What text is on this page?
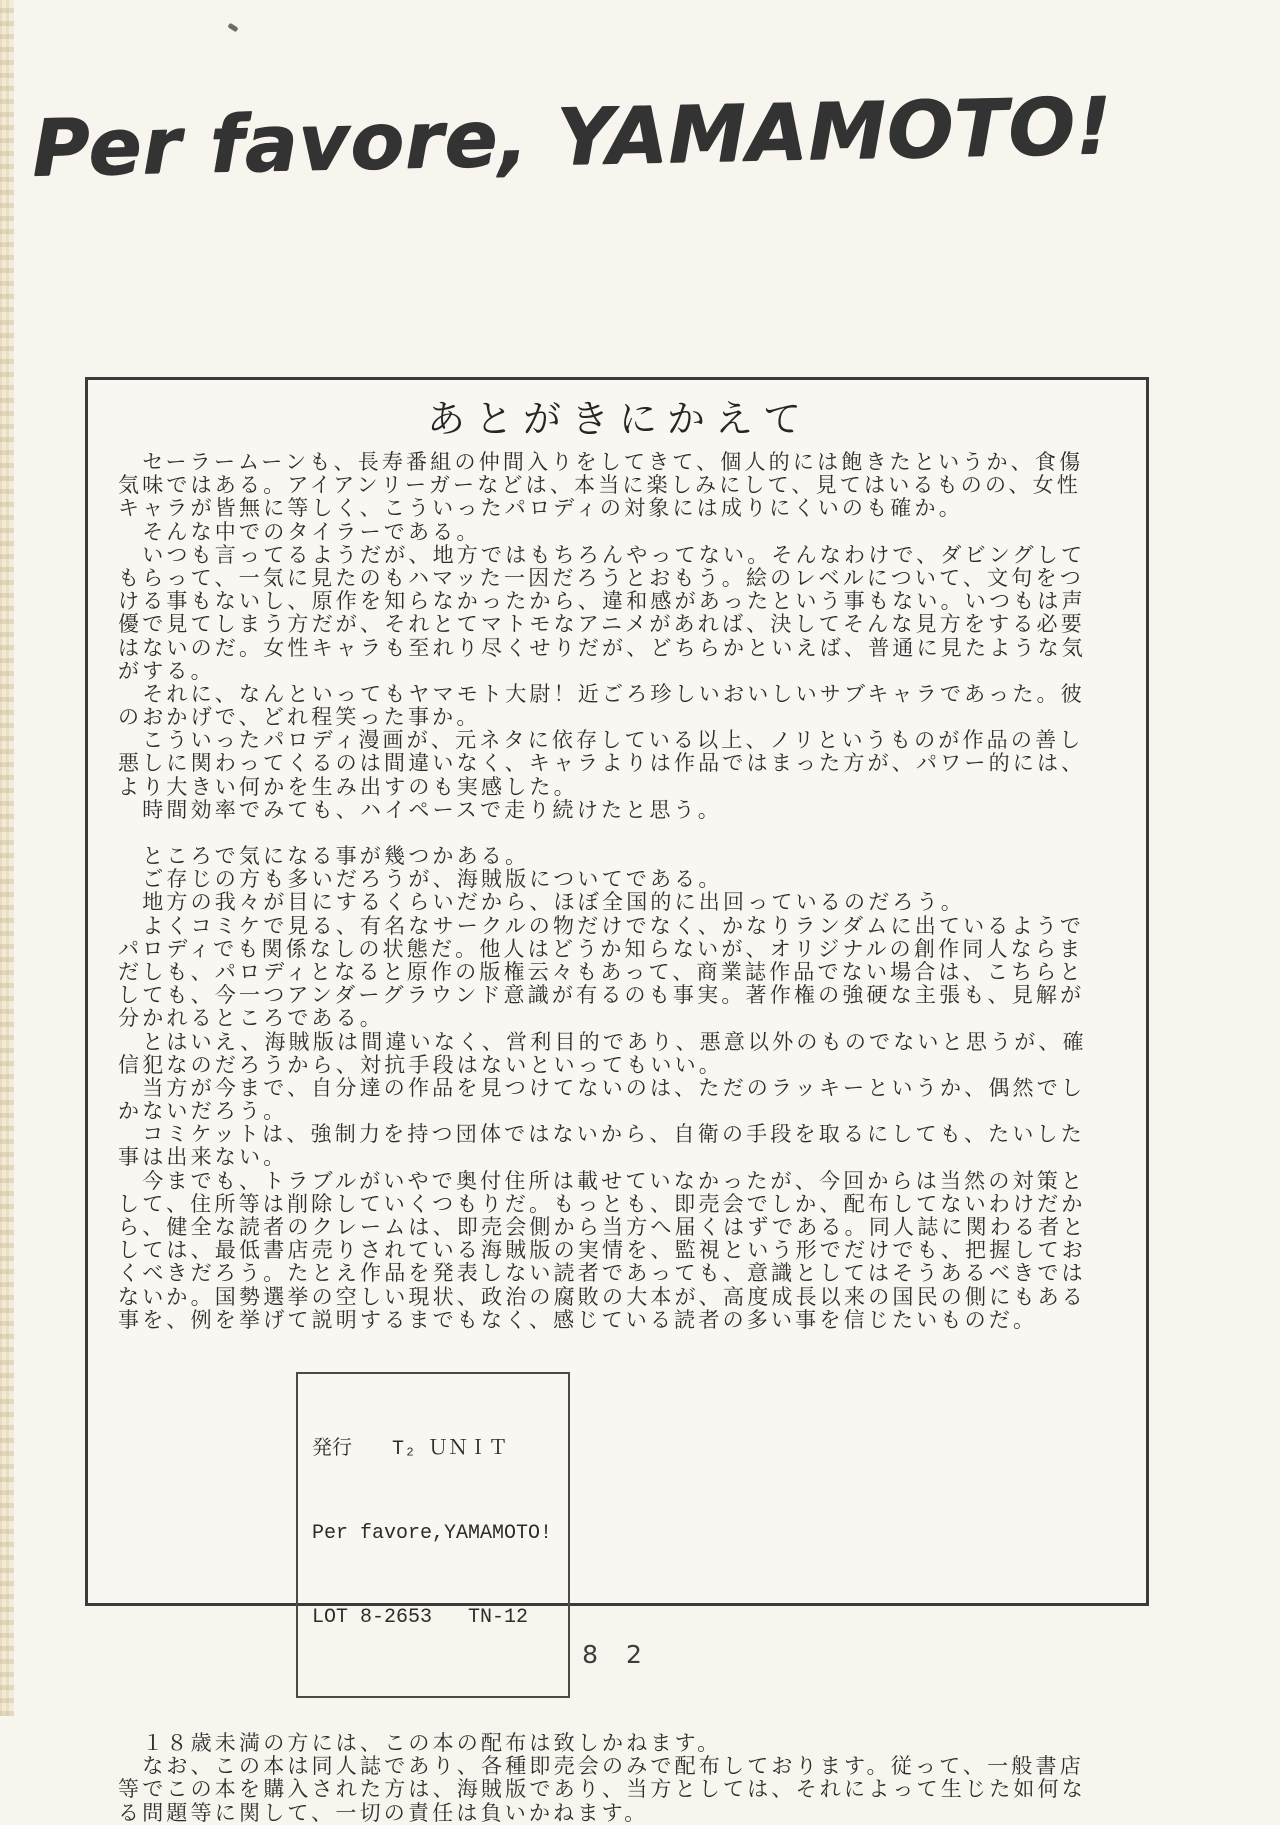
Per favore, YAMAMOTO!
あとがきにかえて
　セーラームーンも、長寿番組の仲間入りをしてきて、個人的には飽きたというか、食傷
気味ではある。アイアンリーガーなどは、本当に楽しみにして、見てはいるものの、女性
キャラが皆無に等しく、こういったパロディの対象には成りにくいのも確か。
　そんな中でのタイラーである。
　いつも言ってるようだが、地方ではもちろんやってない。そんなわけで、ダビングして
もらって、一気に見たのもハマッた一因だろうとおもう。絵のレベルについて、文句をつ
ける事もないし、原作を知らなかったから、違和感があったという事もない。いつもは声
優で見てしまう方だが、それとてマトモなアニメがあれば、決してそんな見方をする必要
はないのだ。女性キャラも至れり尽くせりだが、どちらかといえば、普通に見たような気
がする。
　それに、なんといってもヤマモト大尉！近ごろ珍しいおいしいサブキャラであった。彼
のおかげで、どれ程笑った事か。
　こういったパロディ漫画が、元ネタに依存している以上、ノリというものが作品の善し
悪しに関わってくるのは間違いなく、キャラよりは作品ではまった方が、パワー的には、
より大きい何かを生み出すのも実感した。
　時間効率でみても、ハイペースで走り続けたと思う。
　ところで気になる事が幾つかある。
　ご存じの方も多いだろうが、海賊版についてである。
　地方の我々が目にするくらいだから、ほぼ全国的に出回っているのだろう。
　よくコミケで見る、有名なサークルの物だけでなく、かなりランダムに出ているようで
パロディでも関係なしの状態だ。他人はどうか知らないが、オリジナルの創作同人ならま
だしも、パロディとなると原作の版権云々もあって、商業誌作品でない場合は、こちらと
しても、今一つアンダーグラウンド意識が有るのも事実。著作権の強硬な主張も、見解が
分かれるところである。
　とはいえ、海賊版は間違いなく、営利目的であり、悪意以外のものでないと思うが、確
信犯なのだろうから、対抗手段はないといってもいい。
　当方が今まで、自分達の作品を見つけてないのは、ただのラッキーというか、偶然でし
かないだろう。
　コミケットは、強制力を持つ団体ではないから、自衛の手段を取るにしても、たいした
事は出来ない。
　今までも、トラブルがいやで奥付住所は載せていなかったが、今回からは当然の対策と
して、住所等は削除していくつもりだ。もっとも、即売会でしか、配布してないわけだか
ら、健全な読者のクレームは、即売会側から当方へ届くはずである。同人誌に関わる者と
しては、最低書店売りされている海賊版の実情を、監視という形でだけでも、把握してお
くべきだろう。たとえ作品を発表しない読者であっても、意識としてはそうあるべきでは
ないか。国勢選挙の空しい現状、政治の腐敗の大本が、高度成長以来の国民の側にもある
事を、例を挙げて説明するまでもなく、感じている読者の多い事を信じたいものだ。

発行　　T₂ ＵＮＩＴ

Per favore,YAMAMOTO!

LOT 8-2653   TN-12

　１８歳未満の方には、この本の配布は致しかねます。
　なお、この本は同人誌であり、各種即売会のみで配布しております。従って、一般書店
等でこの本を購入された方は、海賊版であり、当方としては、それによって生じた如何な
る問題等に関して、一切の責任は負いかねます。
8 2
